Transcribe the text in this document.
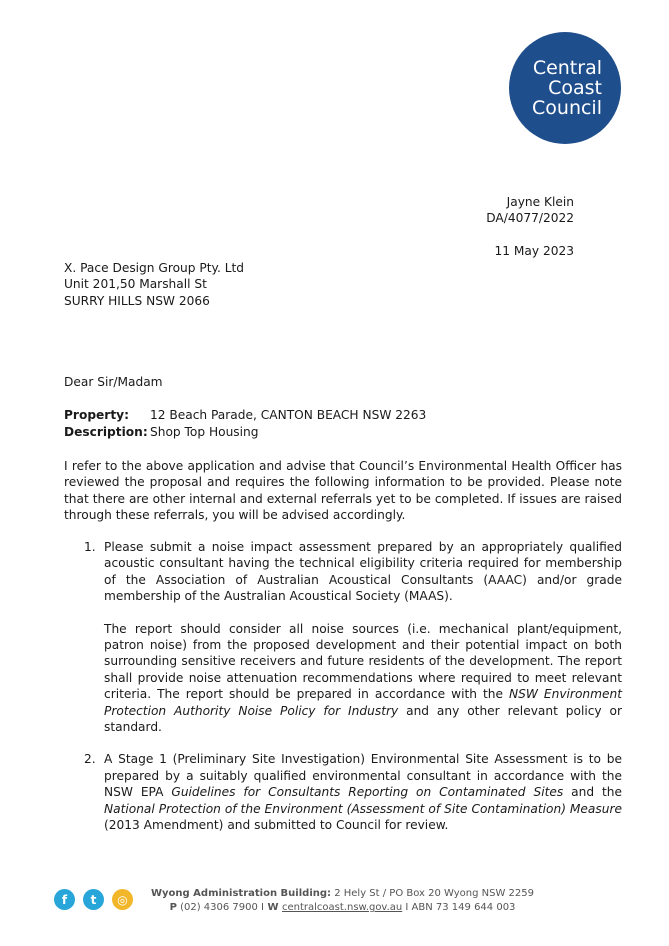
Central
Coast
Council
Jayne Klein
DA/4077/2022
11 May 2023
X. Pace Design Group Pty. Ltd
Unit 201,50 Marshall St
SURRY HILLS NSW 2066
Dear Sir/Madam
Property:	12 Beach Parade, CANTON BEACH NSW 2263
Description: Shop Top Housing
I refer to the above application and advise that Council’s Environmental Health Officer has reviewed the proposal and requires the following information to be provided. Please note that there are other internal and external referrals yet to be completed. If issues are raised through these referrals, you will be advised accordingly.
1. Please submit a noise impact assessment prepared by an appropriately qualified acoustic consultant having the technical eligibility criteria required for membership of the Association of Australian Acoustical Consultants (AAAC) and/or grade membership of the Australian Acoustical Society (MAAS).

The report should consider all noise sources (i.e. mechanical plant/equipment, patron noise) from the proposed development and their potential impact on both surrounding sensitive receivers and future residents of the development. The report shall provide noise attenuation recommendations where required to meet relevant criteria. The report should be prepared in accordance with the NSW Environment Protection Authority Noise Policy for Industry and any other relevant policy or standard.

2. A Stage 1 (Preliminary Site Investigation) Environmental Site Assessment is to be prepared by a suitably qualified environmental consultant in accordance with the NSW EPA Guidelines for Consultants Reporting on Contaminated Sites and the National Protection of the Environment (Assessment of Site Contamination) Measure (2013 Amendment) and submitted to Council for review.

f	t	◎	Wyong Administration Building: 2 Hely St / PO Box 20 Wyong NSW 2259
P (02) 4306 7900 I W centralcoast.nsw.gov.au I ABN 73 149 644 003
